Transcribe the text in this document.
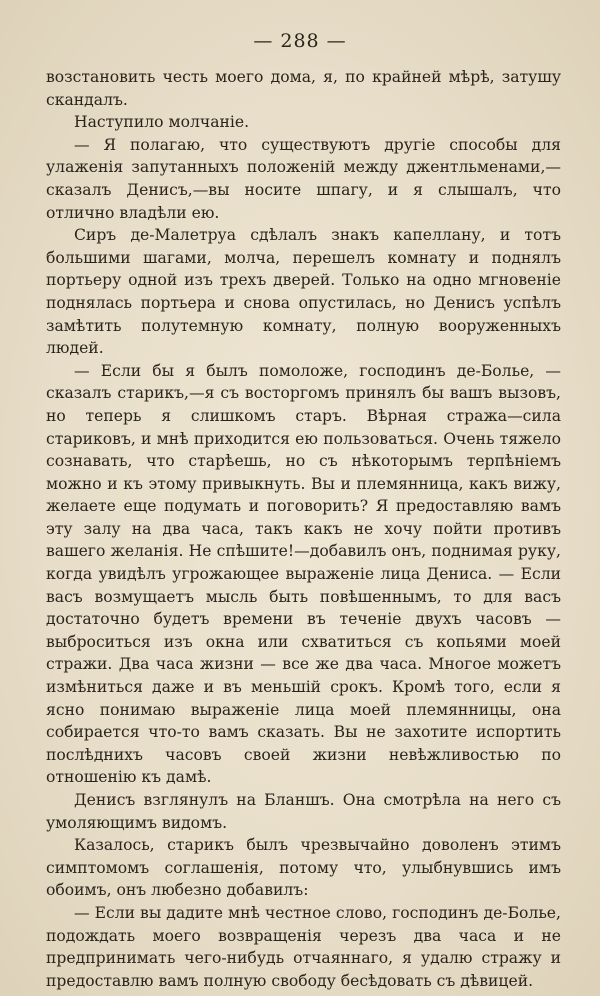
— 288 —

возстановить честь моего дома, я, по крайней мѣрѣ, затушу скандалъ.

Наступило молчанiе.

— Я полагаю, что существуютъ другiе способы для улаженiя запутанныхъ положенiй между джентльменами,—сказалъ Денисъ,—вы носите шпагу, и я слышалъ, что отлично владѣли ею.

Сиръ де-Малетруа сдѣлалъ знакъ капеллану, и тотъ большими шагами, молча, перешелъ комнату и поднялъ портьеру одной изъ трехъ дверей. Только на одно мгновенiе поднялась портьера и снова опустилась, но Денисъ успѣлъ замѣтить полутемную комнату, полную вооруженныхъ людей.

— Если бы я былъ помоложе, господинъ де-Болье, — сказалъ старикъ,—я съ восторгомъ принялъ бы вашъ вызовъ, но теперь я слишкомъ старъ. Вѣрная стража—сила стариковъ, и мнѣ приходится ею пользоваться. Очень тяжело сознавать, что старѣешь, но съ нѣкоторымъ терпѣнiемъ можно и къ этому привыкнуть. Вы и племянница, какъ вижу, желаете еще подумать и поговорить? Я предоставляю вамъ эту залу на два часа, такъ какъ не хочу пойти противъ вашего желанiя. Не спѣшите!—добавилъ онъ, поднимая руку, когда увидѣлъ угрожающее выраженiе лица Дениса. — Если васъ возмущаетъ мысль быть повѣшеннымъ, то для васъ достаточно будетъ времени въ теченiе двухъ часовъ — выброситься изъ окна или схватиться съ копьями моей стражи. Два часа жизни — все же два часа. Многое можетъ измѣниться даже и въ меньшiй срокъ. Кромѣ того, если я ясно понимаю выраженiе лица моей племянницы, она собирается что-то вамъ сказать. Вы не захотите испортить послѣднихъ часовъ своей жизни невѣжливостью по отношенiю къ дамѣ.

Денисъ взглянулъ на Бланшъ. Она смотрѣла на него съ умоляющимъ видомъ.

Казалось, старикъ былъ чрезвычайно доволенъ этимъ симптомомъ соглашенiя, потому что, улыбнувшись имъ обоимъ, онъ любезно добавилъ:

— Если вы дадите мнѣ честное слово, господинъ де-Болье, подождать моего возвращенiя черезъ два часа и не предпринимать чего-нибудь отчаяннаго, я удалю стражу и предоставлю вамъ полную свободу бесѣдовать съ дѣвицей.
